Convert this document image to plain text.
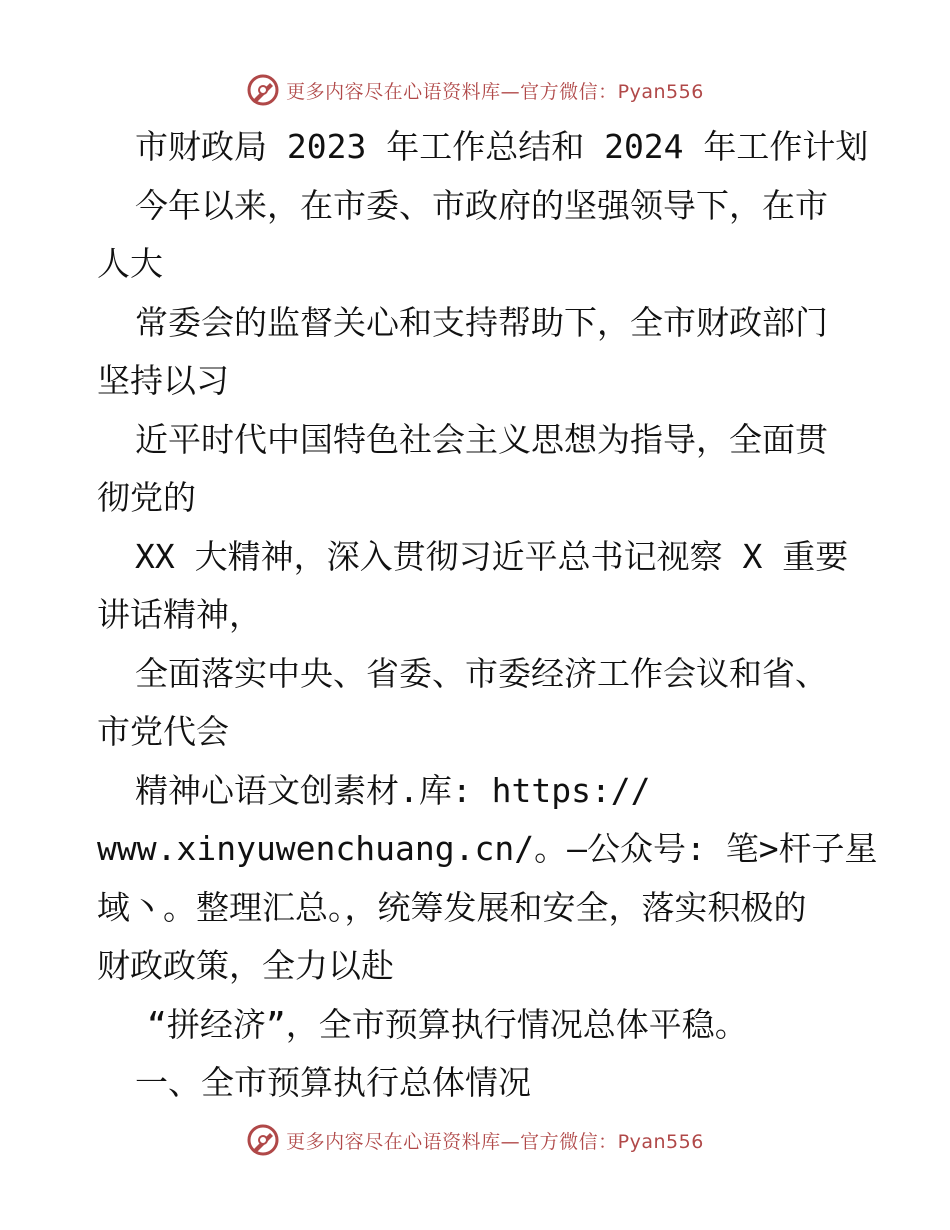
更多内容尽在心语资料库—官方微信：Pyan556
市财政局 2023 年工作总结和 2024 年工作计划
今年以来，在市委、市政府的坚强领导下，在市
人大
常委会的监督关心和支持帮助下，全市财政部门
坚持以习
近平时代中国特色社会主义思想为指导，全面贯
彻党的
XX 大精神，深入贯彻习近平总书记视察 X 重要
讲话精神，
全面落实中央、省委、市委经济工作会议和省、
市党代会
精神心语文创素材.库: https://
www.xinyuwenchuang.cn/。—公众号: 笔>杆子星
域丶。整理汇总。，统筹发展和安全，落实积极的
财政政策，全力以赴
“拼经济”，全市预算执行情况总体平稳。
一、全市预算执行总体情况
更多内容尽在心语资料库—官方微信：Pyan556
